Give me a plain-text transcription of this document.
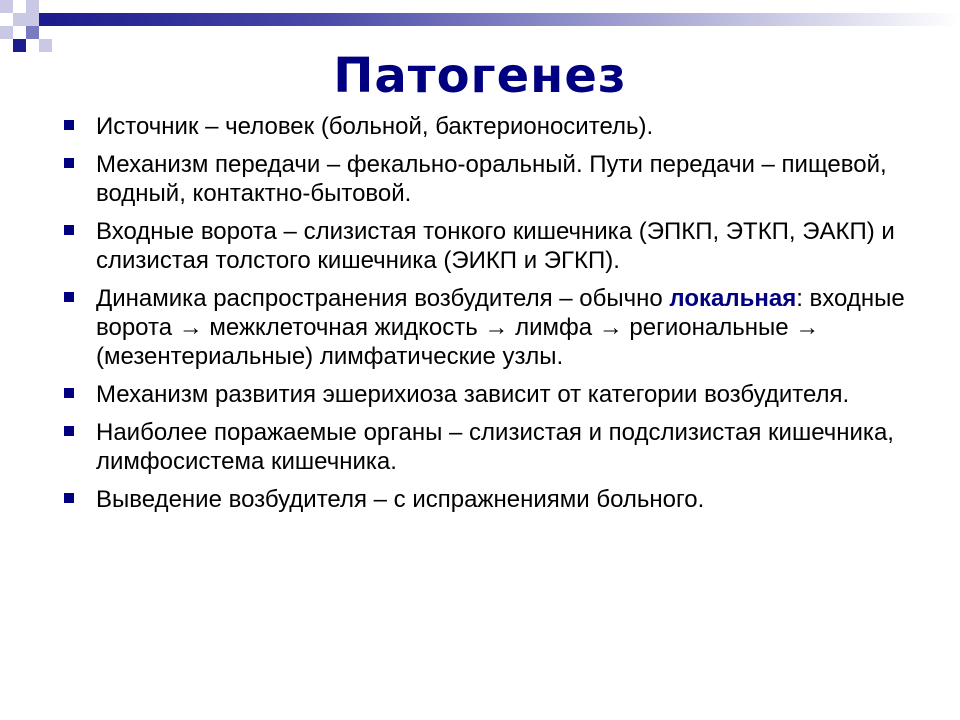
Патогенез
Источник – человек (больной, бактерионоситель).
Механизм передачи – фекально-оральный. Пути передачи – пищевой, водный, контактно-бытовой.
Входные ворота – слизистая тонкого кишечника (ЭПКП, ЭТКП, ЭАКП) и слизистая толстого кишечника (ЭИКП и ЭГКП).
Динамика распространения возбудителя – обычно локальная: входные ворота → межклеточная жидкость → лимфа → региональные → (мезентериальные) лимфатические узлы.
Механизм развития эшерихиоза зависит от категории возбудителя.
Наиболее поражаемые органы – слизистая и подслизистая кишечника, лимфосистема кишечника.
Выведение возбудителя – с испражнениями больного.
